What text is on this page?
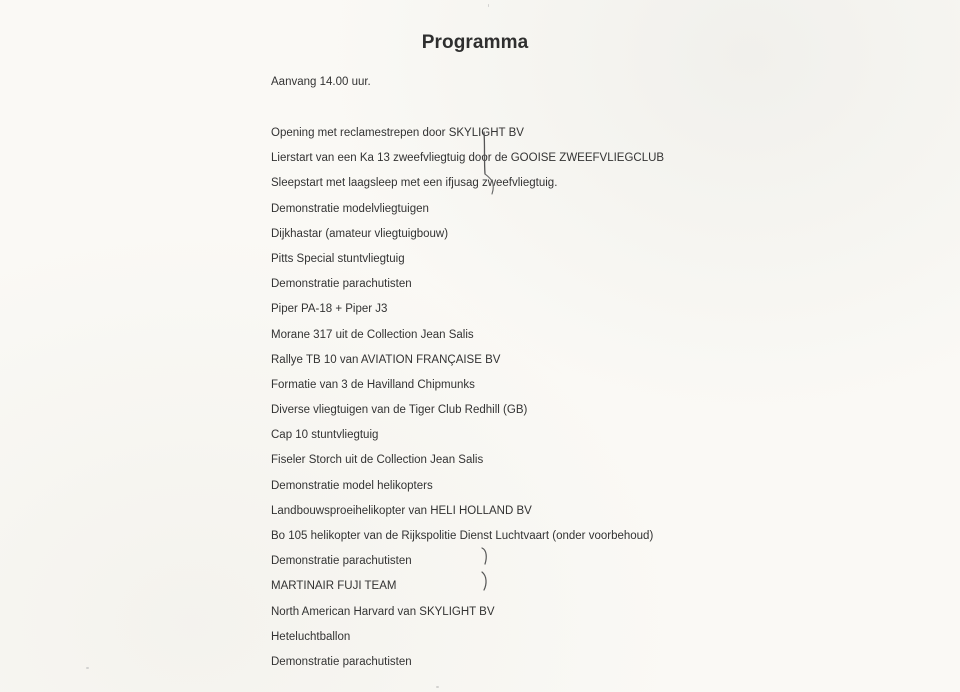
Programma
Aanvang 14.00 uur.
Opening met reclamestrepen door SKYLIGHT BV
Lierstart van een Ka 13 zweefvliegtuig door de GOOISE ZWEEFVLIEGCLUB
Sleepstart met laagsleep met een ifjusag zweefvliegtuig.
Demonstratie modelvliegtuigen
Dijkhastar (amateur vliegtuigbouw)
Pitts Special stuntvliegtuig
Demonstratie parachutisten
Piper PA-18 + Piper J3
Morane 317 uit de Collection Jean Salis
Rallye TB 10 van AVIATION FRANÇAISE BV
Formatie van 3 de Havilland Chipmunks
Diverse vliegtuigen van de Tiger Club Redhill (GB)
Cap 10 stuntvliegtuig
Fiseler Storch uit de Collection Jean Salis
Demonstratie model helikopters
Landbouwsproeihelikopter van HELI HOLLAND BV
Bo 105 helikopter van de Rijkspolitie Dienst Luchtvaart (onder voorbehoud)
Demonstratie parachutisten
MARTINAIR FUJI TEAM
North American Harvard van SKYLIGHT BV
Heteluchtballon
Demonstratie parachutisten
